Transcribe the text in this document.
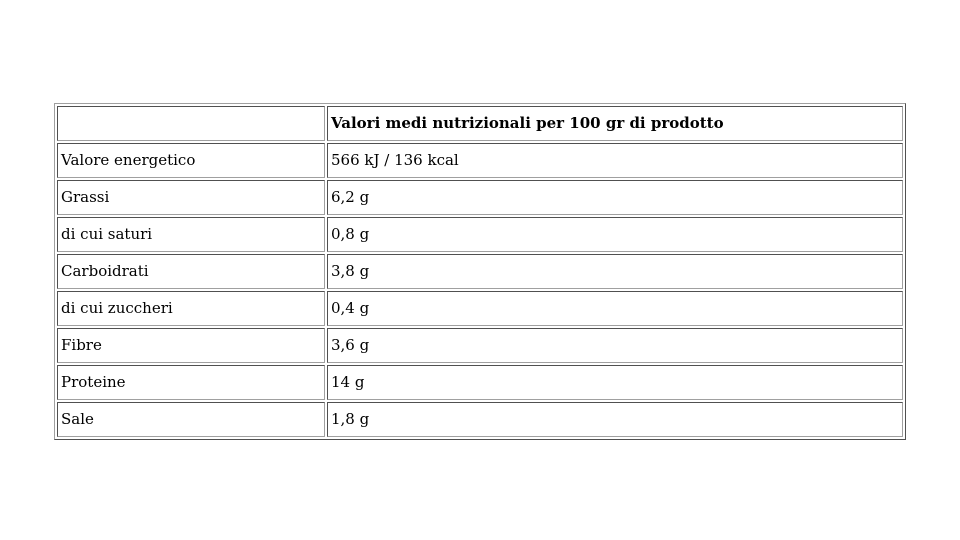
	Valori medi nutrizionali per 100 gr di prodotto
Valore energetico	566 kJ / 136 kcal
Grassi	6,2 g
di cui saturi	0,8 g
Carboidrati	3,8 g
di cui zuccheri	0,4 g
Fibre	3,6 g
Proteine	14 g
Sale	1,8 g
